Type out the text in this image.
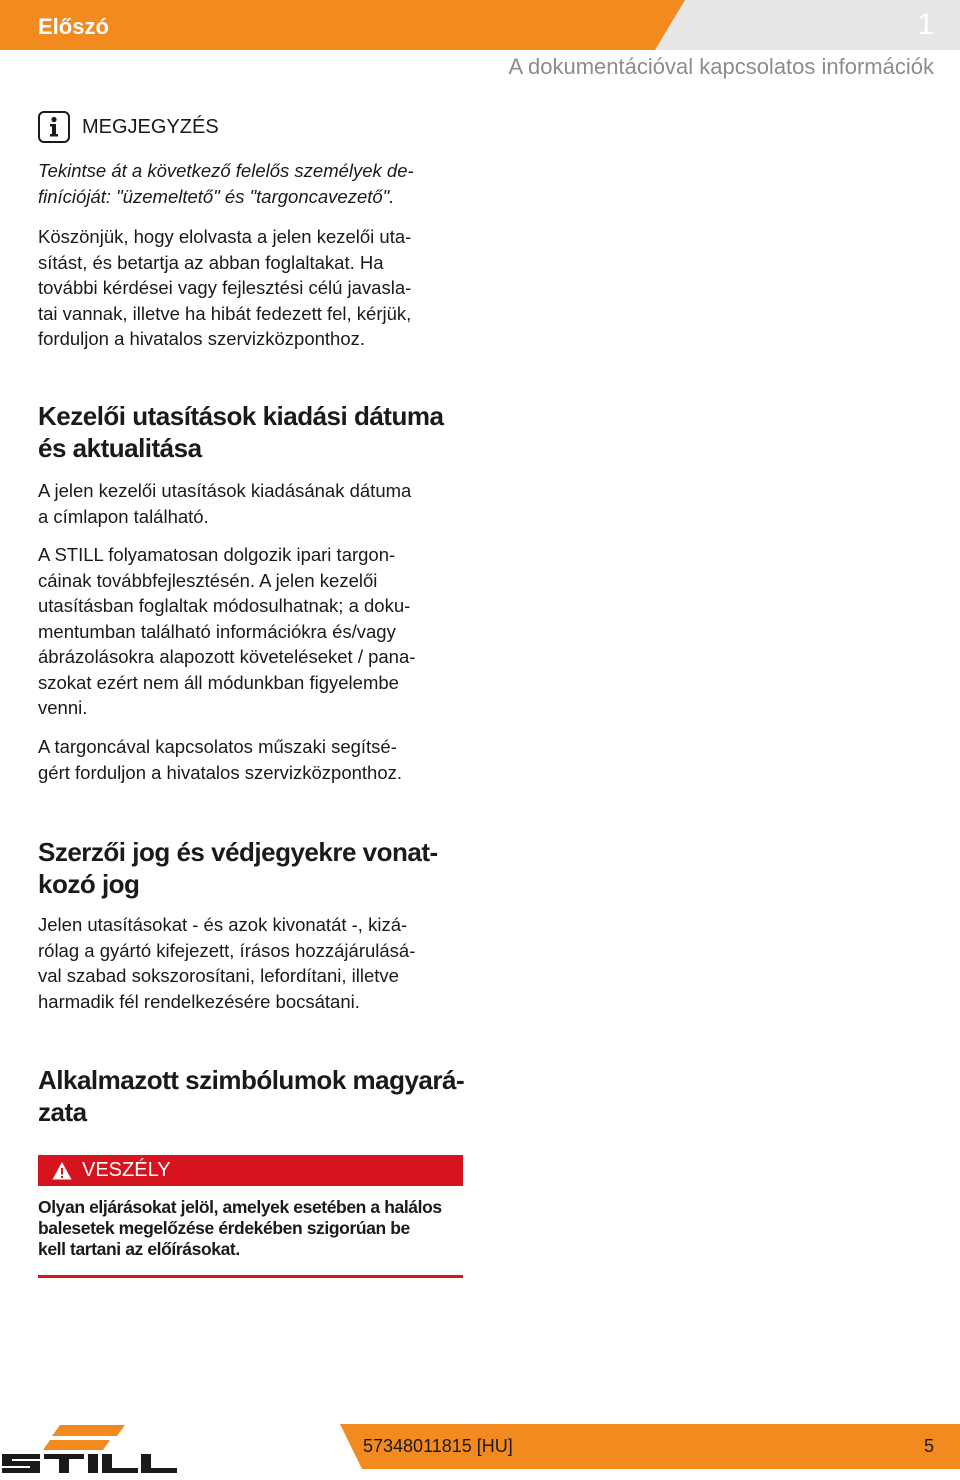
Előszó	1
A dokumentációval kapcsolatos információk
MEGJEGYZÉS

Tekintse át a következő felelős személyek de-
finícióját: "üzemeltető" és "targoncavezető".

Köszönjük, hogy elolvasta a jelen kezelői uta-
sítást, és betartja az abban foglaltakat. Ha
további kérdései vagy fejlesztési célú javasla-
tai vannak, illetve ha hibát fedezett fel, kérjük,
forduljon a hivatalos szervizközponthoz.

Kezelői utasítások kiadási dátuma
és aktualitása

A jelen kezelői utasítások kiadásának dátuma
a címlapon található.

A STILL folyamatosan dolgozik ipari targon-
cáinak továbbfejlesztésén. A jelen kezelői
utasításban foglaltak módosulhatnak; a doku-
mentumban található információkra és/vagy
ábrázolásokra alapozott követeléseket / pana-
szokat ezért nem áll módunkban figyelembe
venni.

A targoncával kapcsolatos műszaki segítsé-
gért forduljon a hivatalos szervizközponthoz.

Szerzői jog és védjegyekre vonat-
kozó jog

Jelen utasításokat - és azok kivonatát -, kizá-
rólag a gyártó kifejezett, írásos hozzájárulásá-
val szabad sokszorosítani, lefordítani, illetve
harmadik fél rendelkezésére bocsátani.

Alkalmazott szimbólumok magyará-
zata
VESZÉLY
Olyan eljárásokat jelöl, amelyek esetében a halálos
balesetek megelőzése érdekében szigorúan be
kell tartani az előírásokat.
57348011815 [HU]	5
